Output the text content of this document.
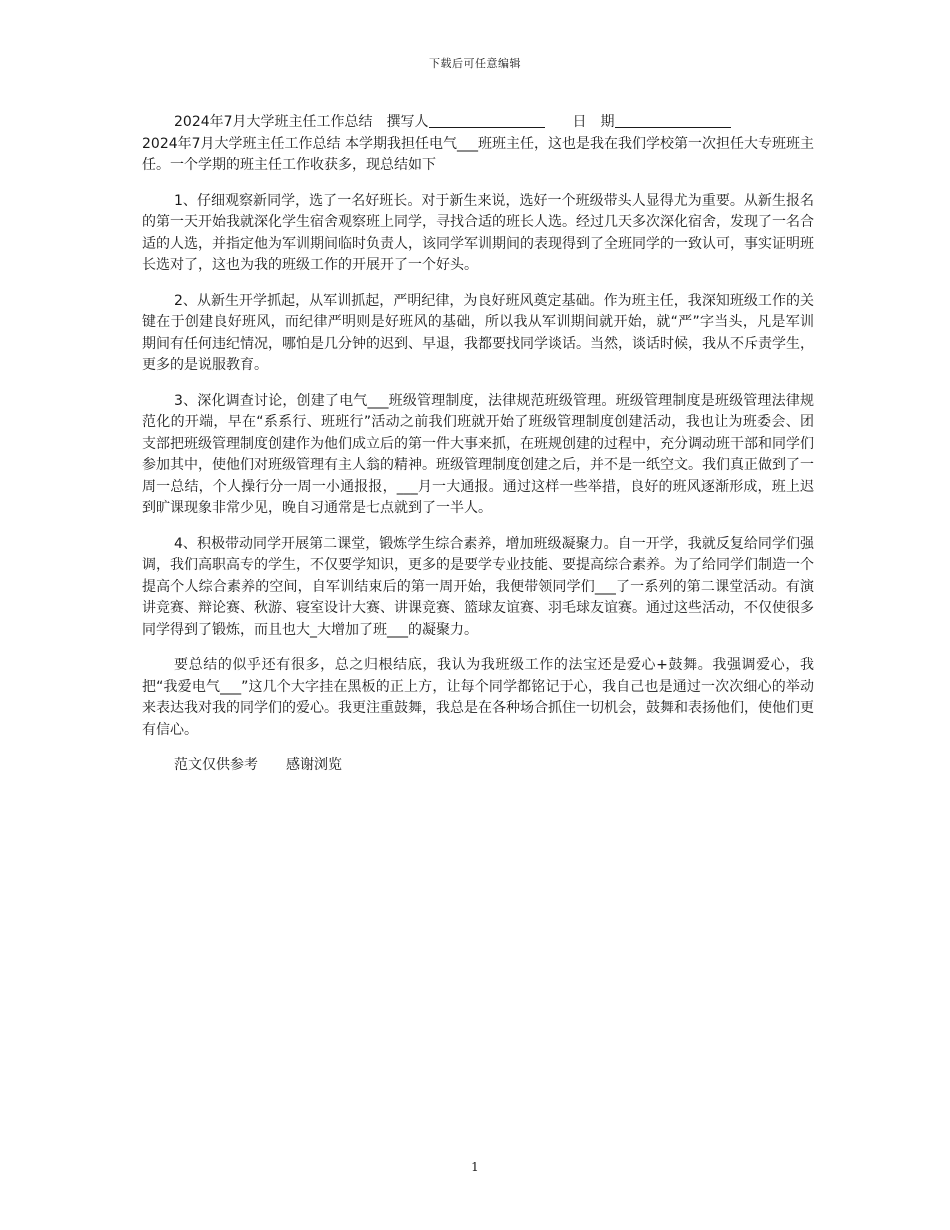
下载后可任意编辑

2024年7月大学班主任工作总结 撰写人	日　期

2024年7月大学班主任工作总结 本学期我担任电气___班班主任，这也是我在我们学校第一次担任大专班班主任。一个学期的班主任工作收获多，现总结如下

1、仔细观察新同学，选了一名好班长。对于新生来说，选好一个班级带头人显得尤为重要。从新生报名的第一天开始我就深化学生宿舍观察班上同学，寻找合适的班长人选。经过几天多次深化宿舍，发现了一名合适的人选，并指定他为军训期间临时负责人，该同学军训期间的表现得到了全班同学的一致认可，事实证明班长选对了，这也为我的班级工作的开展开了一个好头。

2、从新生开学抓起，从军训抓起，严明纪律，为良好班风奠定基础。作为班主任，我深知班级工作的关键在于创建良好班风，而纪律严明则是好班风的基础，所以我从军训期间就开始，就“严”字当头，凡是军训期间有任何违纪情况，哪怕是几分钟的迟到、早退，我都要找同学谈话。当然，谈话时候，我从不斥责学生，更多的是说服教育。

3、深化调查讨论，创建了电气___班级管理制度，法律规范班级管理。班级管理制度是班级管理法律规范化的开端，早在“系系行、班班行”活动之前我们班就开始了班级管理制度创建活动，我也让为班委会、团支部把班级管理制度创建作为他们成立后的第一件大事来抓，在班规创建的过程中，充分调动班干部和同学们参加其中，使他们对班级管理有主人翁的精神。班级管理制度创建之后，并不是一纸空文。我们真正做到了一周一总结，个人操行分一周一小通报报，___月一大通报。通过这样一些举措，良好的班风逐渐形成，班上迟到旷课现象非常少见，晚自习通常是七点就到了一半人。

4、积极带动同学开展第二课堂，锻炼学生综合素养，增加班级凝聚力。自一开学，我就反复给同学们强调，我们高职高专的学生，不仅要学知识，更多的是要学专业技能、要提高综合素养。为了给同学们制造一个提高个人综合素养的空间，自军训结束后的第一周开始，我便带领同学们___了一系列的第二课堂活动。有演讲竞赛、辩论赛、秋游、寝室设计大赛、讲课竞赛、篮球友谊赛、羽毛球友谊赛。通过这些活动，不仅使很多同学得到了锻炼，而且也大_大增加了班___的凝聚力。

要总结的似乎还有很多，总之归根结底，我认为我班级工作的法宝还是爱心+鼓舞。我强调爱心，我把“我爱电气___”这几个大字挂在黑板的正上方，让每个同学都铭记于心，我自己也是通过一次次细心的举动来表达我对我的同学们的爱心。我更注重鼓舞，我总是在各种场合抓住一切机会，鼓舞和表扬他们，使他们更有信心。

范文仅供参考 感谢浏览

1
